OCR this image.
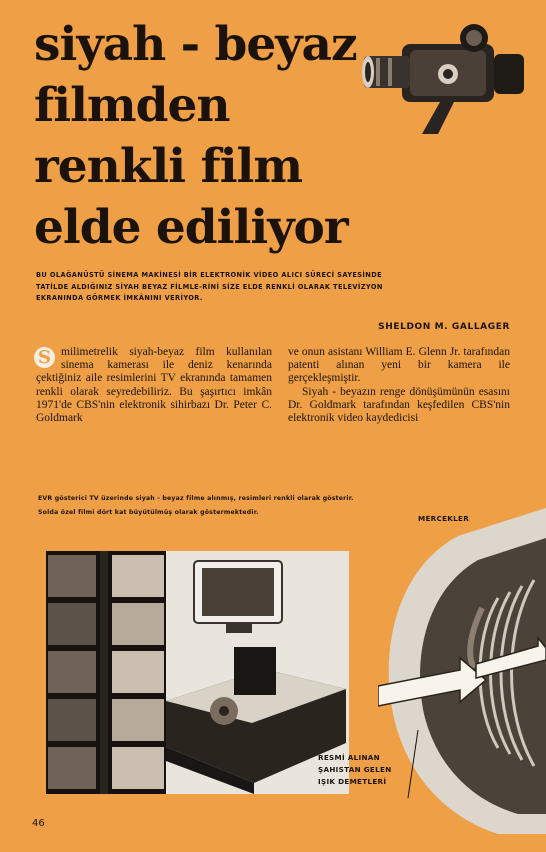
siyah - beyaz
filmden
renkli film
elde ediliyor
BU OLAĞANÜSTÜ SİNEMA MAKİNESİ BİR ELEKTRONİK VİDEO ALICI SÜRECİ SAYESİNDE TATİLDE ALDIĞINIZ SİYAH BEYAZ FİLMLE-RİNİ SİZE ELDE RENKLİ OLARAK TELEVİZYON EKRANINDA GÖRMEK İMKÂNINI VERİYOR.
SHELDON M. GALLAGER
S milimetrelik siyah-beyaz film kullanılan sinema kamerası ile deniz kenarında çektiğiniz aile resimlerini TV ekranında tamamen renkli olarak seyredebiliriz. Bu şaşırtıcı imkân 1971'de CBS'nin elektronik sihirbazı Dr. Peter C. Goldmark

ve onun asistanı William E. Glenn Jr. tarafından patenti alınan yeni bir kamera ile gerçekleşmiştir.

Siyah - beyazın renge dönüşümünün esasını Dr. Goldmark tarafından keşfedilen CBS'nin elektronik video kaydedicisi

EVR gösterici TV üzerinde siyah - beyaz filme alınmış, resimleri renkli olarak gösterir. Solda özel filmi dört kat büyütülmüş olarak göstermektedir.
MERCEKLER
RESMİ ALINAN
ŞAHISTAN GELEN
IŞIK DEMETLERİ
46
